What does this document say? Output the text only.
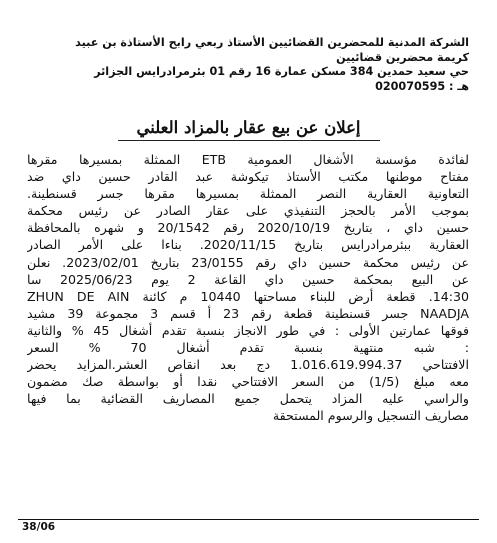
الشركة المدنية للمحضرين القضائيين الأستاذ ربعي رابح الأستاذة بن عبيد
كريمة محضرين قضائيين
حي سعيد حمدين 384 مسكن عمارة 16 رقم 01 بئرمرادرايس الجزائر
هـ : 020070595
إعلان عن بيع عقار بالمزاد العلني
لفائدة مؤسسة الأشغال العمومية ETB الممثلة بمسيرها مقرها
مفتاح موطنها مكتب الأستاذ تيكوشة عبد القادر حسين داي ضد
التعاونية العقارية النصر الممثلة بمسيرها مقرها جسر قسنطينة.
بموجب الأمر بالحجز التنفيذي على عقار الصادر عن رئيس محكمة
حسين داي ، بتاريخ 2020/10/19 رقم 20/1542 و شهره بالمحافظة
العقارية ببئرمرادرايس بتاريخ 2020/11/15. بناءا على الأمر الصادر
عن رئيس محكمة حسين داي رقم 23/0155 بتاريخ 2023/02/01. نعلن
عن البيع بمحكمة حسين داي القاعة 2 يوم 2025/06/23 سا
14:30. قطعة أرض للبناء مساحتها 10440 م كائنة ZHUN DE AIN
NAADJA جسر قسنطينة قطعة رقم 23 أ قسم 3 مجموعة 39 مشيد
فوقها عمارتين الأولى : في طور الانجاز بنسبة تقدم أشغال 45 % والثانية
: شبه منتهية بنسبة تقدم أشغال 70 % السعر
الافتتاحي 1.016.619.994.37 دج بعد انقاص العشر.المزايد يحضر
معه مبلغ (1/5) من السعر الافتتاحي نقدا أو بواسطة صك مضمون
والراسي عليه المزاد يتحمل جميع المصاريف القضائية بما فيها
مصاريف التسجيل والرسوم المستحقة
38/06
